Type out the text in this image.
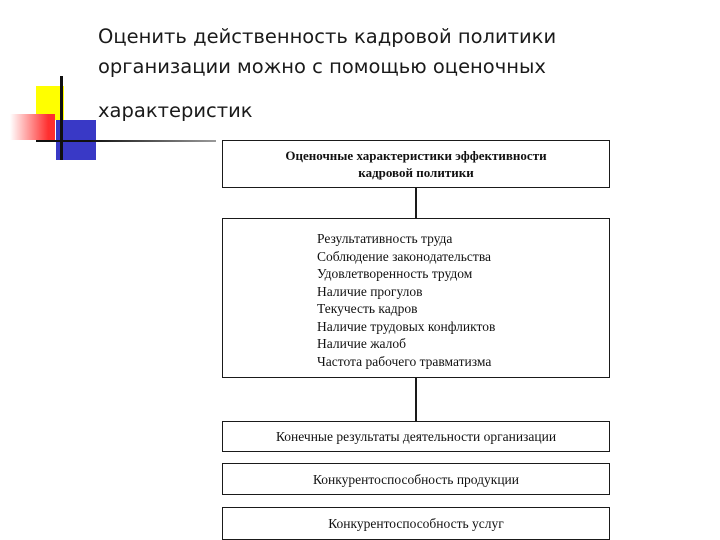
Оценить действенность кадровой политики
организации можно с помощью оценочных
характеристик
Оценочные характеристики эффективности
кадровой политики
Результативность труда
Соблюдение законодательства
Удовлетворенность трудом
Наличие прогулов
Текучесть кадров
Наличие трудовых конфликтов
Наличие жалоб
Частота рабочего травматизма
Конечные результаты деятельности организации
Конкурентоспособность продукции
Конкурентоспособность услуг
